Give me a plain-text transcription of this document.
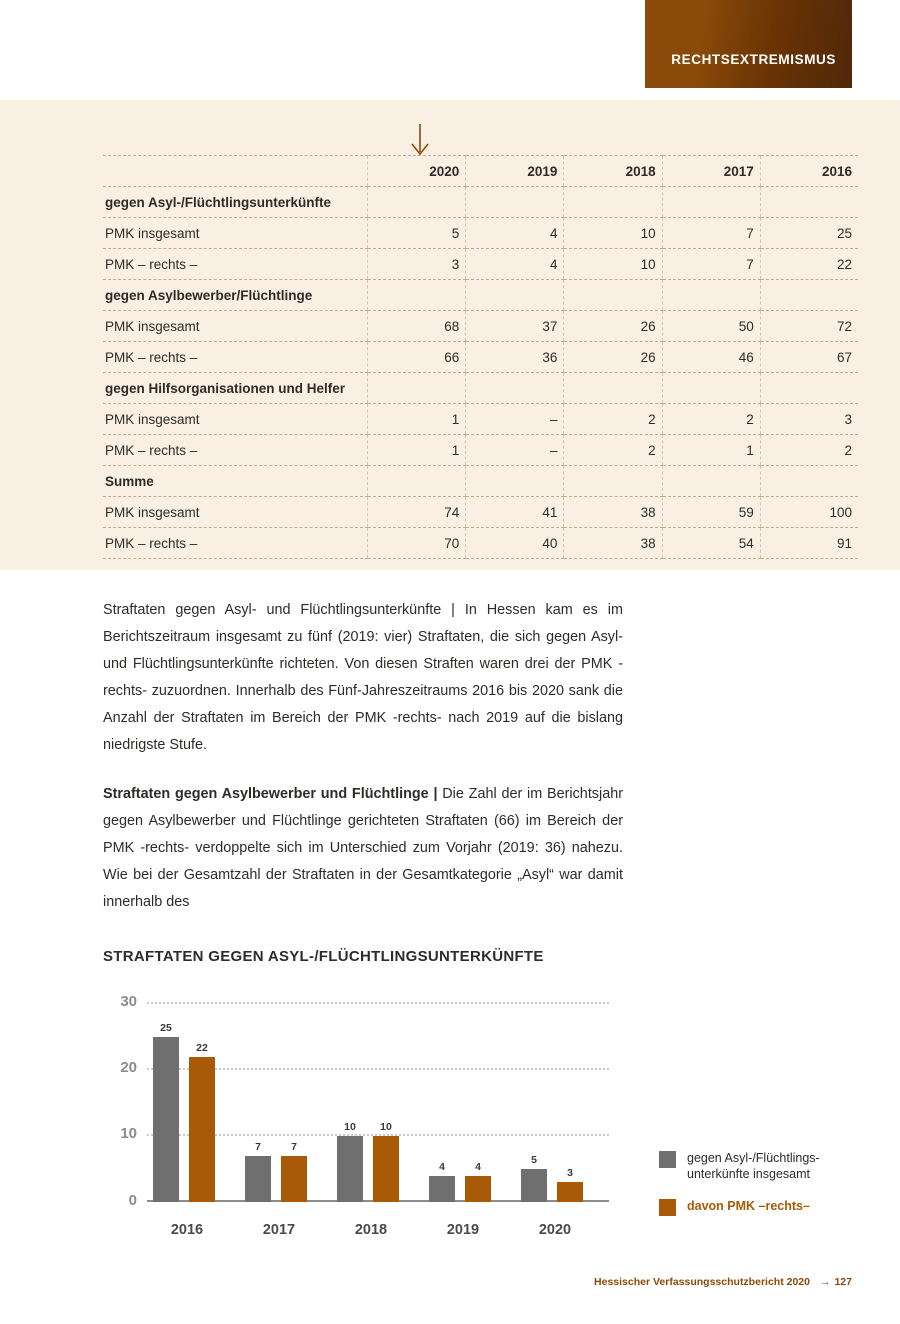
RECHTSEXTREMISMUS
	2020	2019	2018	2017	2016
gegen Asyl-/Flüchtlingsunterkünfte					
PMK insgesamt	5	4	10	7	25
PMK – rechts –	3	4	10	7	22
gegen Asylbewerber/Flüchtlinge					
PMK insgesamt	68	37	26	50	72
PMK – rechts –	66	36	26	46	67
gegen Hilfsorganisationen und Helfer					
PMK insgesamt	1	–	2	2	3
PMK – rechts –	1	–	2	1	2
Summe					
PMK insgesamt	74	41	38	59	100
PMK – rechts –	70	40	38	54	91

Straftaten gegen Asyl- und Flüchtlingsunterkünfte | In Hessen kam es im Berichtszeitraum insgesamt zu fünf (2019: vier) Straftaten, die sich gegen Asyl- und Flüchtlingsunterkünfte richteten. Von diesen Straften waren drei der PMK -rechts- zuzuordnen. Innerhalb des Fünf-Jahreszeitraums 2016 bis 2020 sank die Anzahl der Straftaten im Bereich der PMK -rechts- nach 2019 auf die bislang niedrigste Stufe.

Straftaten gegen Asylbewerber und Flüchtlinge | Die Zahl der im Berichtsjahr gegen Asylbewerber und Flüchtlinge gerichteten Straftaten (66) im Bereich der PMK -rechts- verdoppelte sich im Unterschied zum Vorjahr (2019: 36) nahezu. Wie bei der Gesamtzahl der Straftaten in der Gesamtkategorie „Asyl“ war damit innerhalb des

STRAFTATEN GEGEN ASYL-/FLÜCHTLINGSUNTERKÜNFTE
30
20
10
0
25
22
7	7
10	10
4	4
5
3
2016	2017	2018	2019	2020
gegen Asyl-/Flüchtlings-
unterkünfte insgesamt
davon PMK –rechts–
Hessischer Verfassungsschutzbericht 2020 → 127
